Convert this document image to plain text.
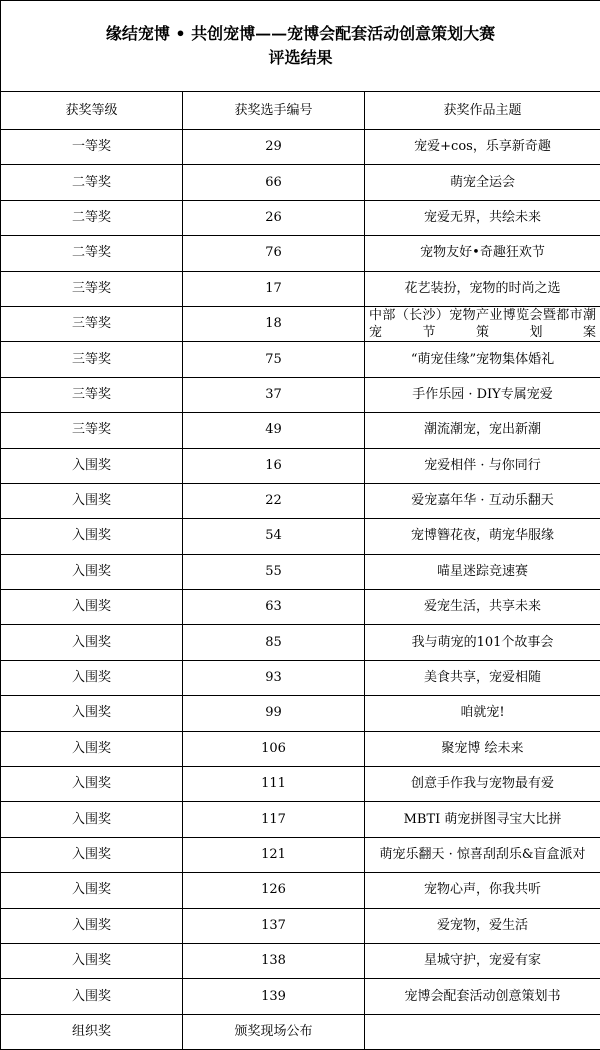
缘结宠博 • 共创宠博——宠博会配套活动创意策划大赛
评选结果		

获奖等级	获奖选手编号	获奖作品主题
一等奖	29	宠爱+cos，乐享新奇趣
二等奖	66	萌宠全运会
二等奖	26	宠爱无界，共绘未来
二等奖	76	宠物友好•奇趣狂欢节
三等奖	17	花艺装扮，宠物的时尚之选
三等奖	18	中部（长沙）宠物产业博览会暨都市潮宠节策划案
三等奖	75	“萌宠佳缘”宠物集体婚礼
三等奖	37	手作乐园 · DIY专属宠爱
三等奖	49	潮流潮宠，宠出新潮
入围奖	16	宠爱相伴 · 与你同行
入围奖	22	爱宠嘉年华 · 互动乐翻天
入围奖	54	宠博簪花夜，萌宠华服缘
入围奖	55	喵星迷踪竞速赛
入围奖	63	爱宠生活，共享未来
入围奖	85	我与萌宠的101个故事会
入围奖	93	美食共享，宠爱相随
入围奖	99	咱就宠!
入围奖	106	聚宠博 绘未来
入围奖	111	创意手作我与宠物最有爱
入围奖	117	MBTI 萌宠拼图寻宝大比拼
入围奖	121	萌宠乐翻天 · 惊喜刮刮乐&盲盒派对
入围奖	126	宠物心声，你我共听
入围奖	137	爱宠物，爱生活
入围奖	138	星城守护，宠爱有家
入围奖	139	宠博会配套活动创意策划书
组织奖	颁奖现场公布	
